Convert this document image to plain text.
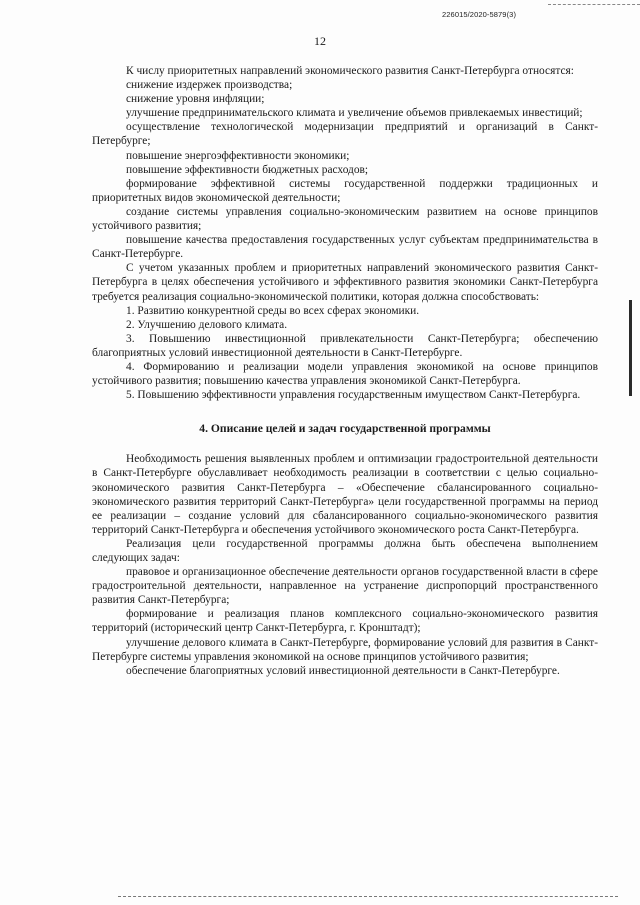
226015/2020-5879(3)
12

К числу приоритетных направлений экономического развития Санкт-Петербурга относятся:

снижение издержек производства;

снижение уровня инфляции;

улучшение предпринимательского климата и увеличение объемов привлекаемых инвестиций;

осуществление технологической модернизации предприятий и организаций в Санкт-Петербурге;

повышение энергоэффективности экономики;

повышение эффективности бюджетных расходов;

формирование эффективной системы государственной поддержки традиционных и приоритетных видов экономической деятельности;

создание системы управления социально-экономическим развитием на основе принципов устойчивого развития;

повышение качества предоставления государственных услуг субъектам предпринимательства в Санкт-Петербурге.

С учетом указанных проблем и приоритетных направлений экономического развития Санкт-Петербурга в целях обеспечения устойчивого и эффективного развития экономики Санкт-Петербурга требуется реализация социально-экономической политики, которая должна способствовать:

1. Развитию конкурентной среды во всех сферах экономики.

2. Улучшению делового климата.

3. Повышению инвестиционной привлекательности Санкт-Петербурга; обеспечению благоприятных условий инвестиционной деятельности в Санкт-Петербурге.

4. Формированию и реализации модели управления экономикой на основе принципов устойчивого развития; повышению качества управления экономикой Санкт-Петербурга.

5. Повышению эффективности управления государственным имуществом Санкт-Петербурга.

4. Описание целей и задач государственной программы

Необходимость решения выявленных проблем и оптимизации градостроительной деятельности в Санкт-Петербурге обуславливает необходимость реализации в соответствии с целью социально-экономического развития Санкт-Петербурга – «Обеспечение сбалансированного социально-экономического развития территорий Санкт-Петербурга» цели государственной программы на период ее реализации – создание условий для сбалансированного социально-экономического развития территорий Санкт-Петербурга и обеспечения устойчивого экономического роста Санкт-Петербурга.

Реализация цели государственной программы должна быть обеспечена выполнением следующих задач:

правовое и организационное обеспечение деятельности органов государственной власти в сфере градостроительной деятельности, направленное на устранение диспропорций пространственного развития Санкт-Петербурга;

формирование и реализация планов комплексного социально-экономического развития территорий (исторический центр Санкт-Петербурга, г. Кронштадт);

улучшение делового климата в Санкт-Петербурге, формирование условий для развития в Санкт-Петербурге системы управления экономикой на основе принципов устойчивого развития;

обеспечение благоприятных условий инвестиционной деятельности в Санкт-Петербурге.
